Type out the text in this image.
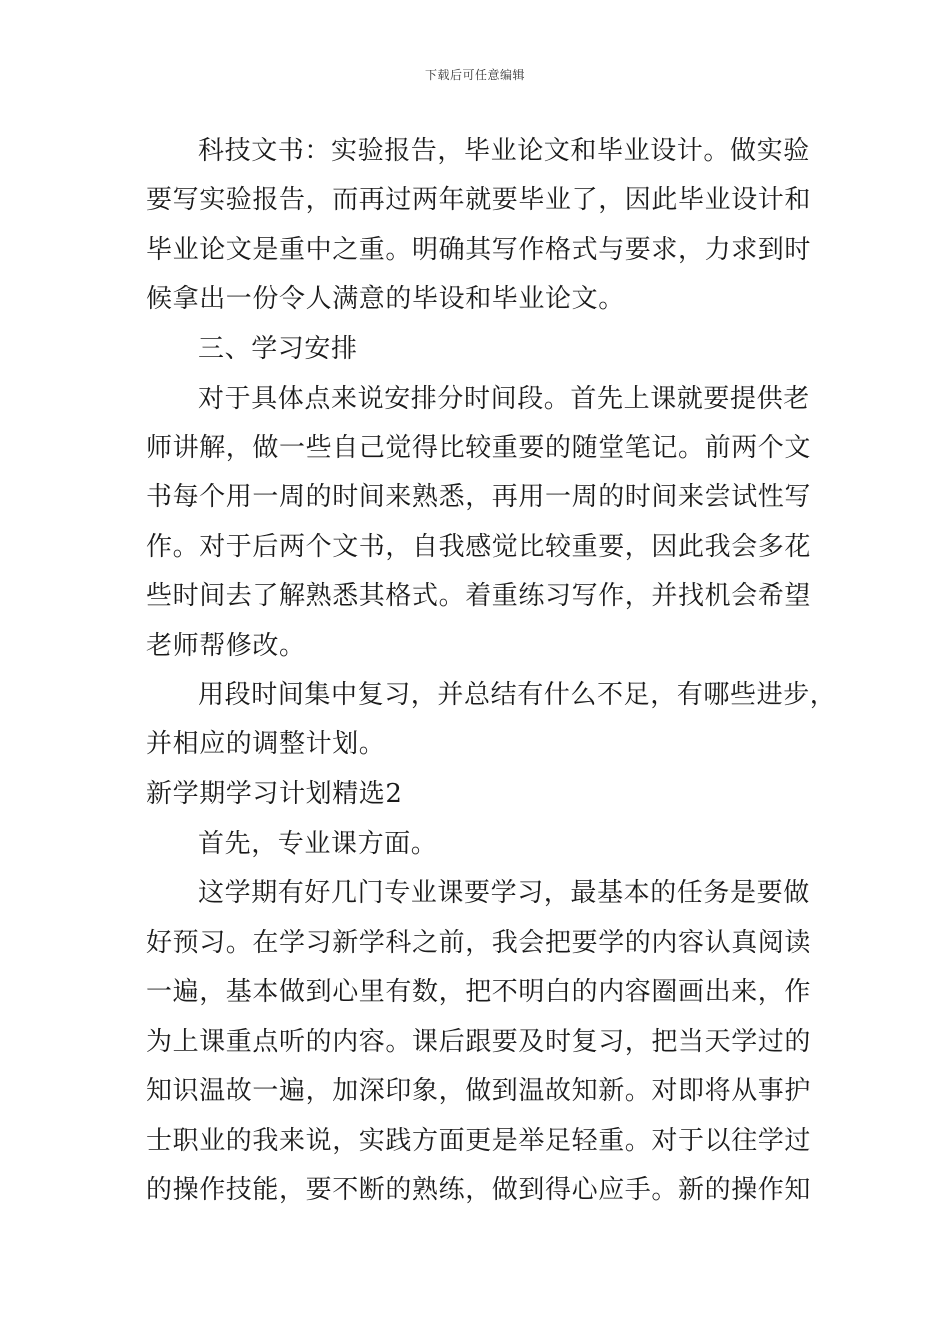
下载后可任意编辑
科技文书：实验报告，毕业论文和毕业设计。做实验
要写实验报告，而再过两年就要毕业了，因此毕业设计和
毕业论文是重中之重。明确其写作格式与要求，力求到时
候拿出一份令人满意的毕设和毕业论文。
三、学习安排
对于具体点来说安排分时间段。首先上课就要提供老
师讲解，做一些自己觉得比较重要的随堂笔记。前两个文
书每个用一周的时间来熟悉，再用一周的时间来尝试性写
作。对于后两个文书，自我感觉比较重要，因此我会多花
些时间去了解熟悉其格式。着重练习写作，并找机会希望
老师帮修改。
用段时间集中复习，并总结有什么不足，有哪些进步，
并相应的调整计划。
新学期学习计划精选2
首先，专业课方面。
这学期有好几门专业课要学习，最基本的任务是要做
好预习。在学习新学科之前，我会把要学的内容认真阅读
一遍，基本做到心里有数，把不明白的内容圈画出来，作
为上课重点听的内容。课后跟要及时复习，把当天学过的
知识温故一遍，加深印象，做到温故知新。对即将从事护
士职业的我来说，实践方面更是举足轻重。对于以往学过
的操作技能，要不断的熟练，做到得心应手。新的操作知
